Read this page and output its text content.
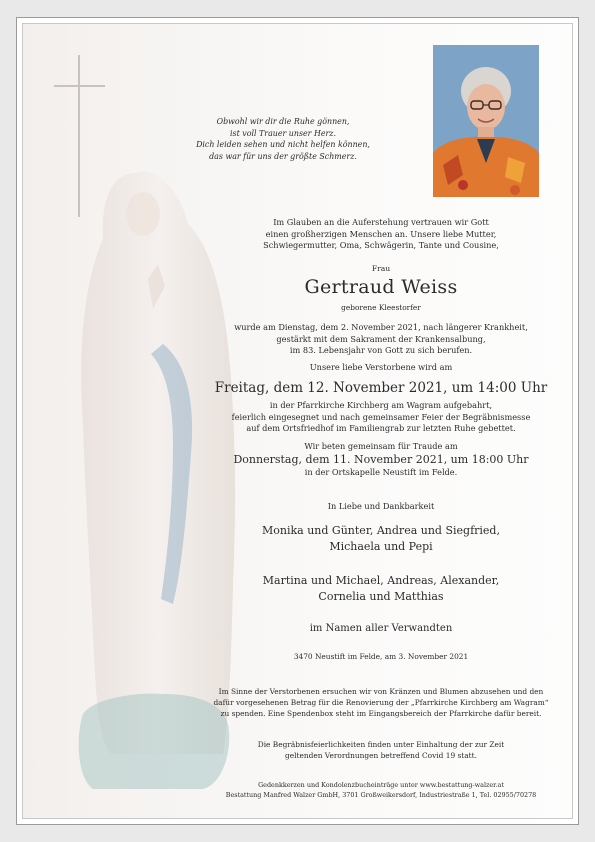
Obwohl wir dir die Ruhe gönnen,
ist voll Trauer unser Herz.
Dich leiden sehen und nicht helfen können,
das war für uns der größte Schmerz.
Im Glauben an die Auferstehung vertrauen wir Gott
einen großherzigen Menschen an. Unsere liebe Mutter,
Schwiegermutter, Oma, Schwägerin, Tante und Cousine,
Frau
Gertraud Weiss
geborene Kleestorfer
wurde am Dienstag, dem 2. November 2021, nach längerer Krankheit,
gestärkt mit dem Sakrament der Krankensalbung,
im 83. Lebensjahr von Gott zu sich berufen.
Unsere liebe Verstorbene wird am
Freitag, dem 12. November 2021, um 14:00 Uhr
in der Pfarrkirche Kirchberg am Wagram aufgebahrt,
feierlich eingesegnet und nach gemeinsamer Feier der Begräbnismesse
auf dem Ortsfriedhof im Familiengrab zur letzten Ruhe gebettet.
Wir beten gemeinsam für Traude am
Donnerstag, dem 11. November 2021, um 18:00 Uhr
in der Ortskapelle Neustift im Felde.
In Liebe und Dankbarkeit
Monika und Günter, Andrea und Siegfried,
Michaela und Pepi
Martina und Michael, Andreas, Alexander,
Cornelia und Matthias
im Namen aller Verwandten
3470 Neustift im Felde, am 3. November 2021
Im Sinne der Verstorbenen ersuchen wir von Kränzen und Blumen abzusehen und den
dafür vorgesehenen Betrag für die Renovierung der „Pfarrkirche Kirchberg am Wagram“
zu spenden. Eine Spendenbox steht im Eingangsbereich der Pfarrkirche dafür bereit.
Die Begräbnisfeierlichkeiten finden unter Einhaltung der zur Zeit
geltenden Verordnungen betreffend Covid 19 statt.
Gedenkkerzen und Kondolenzbucheinträge unter www.bestattung-walzer.at
Bestattung Manfred Walzer GmbH, 3701 Großweikersdorf, Industriestraße 1, Tel. 02955/70278
